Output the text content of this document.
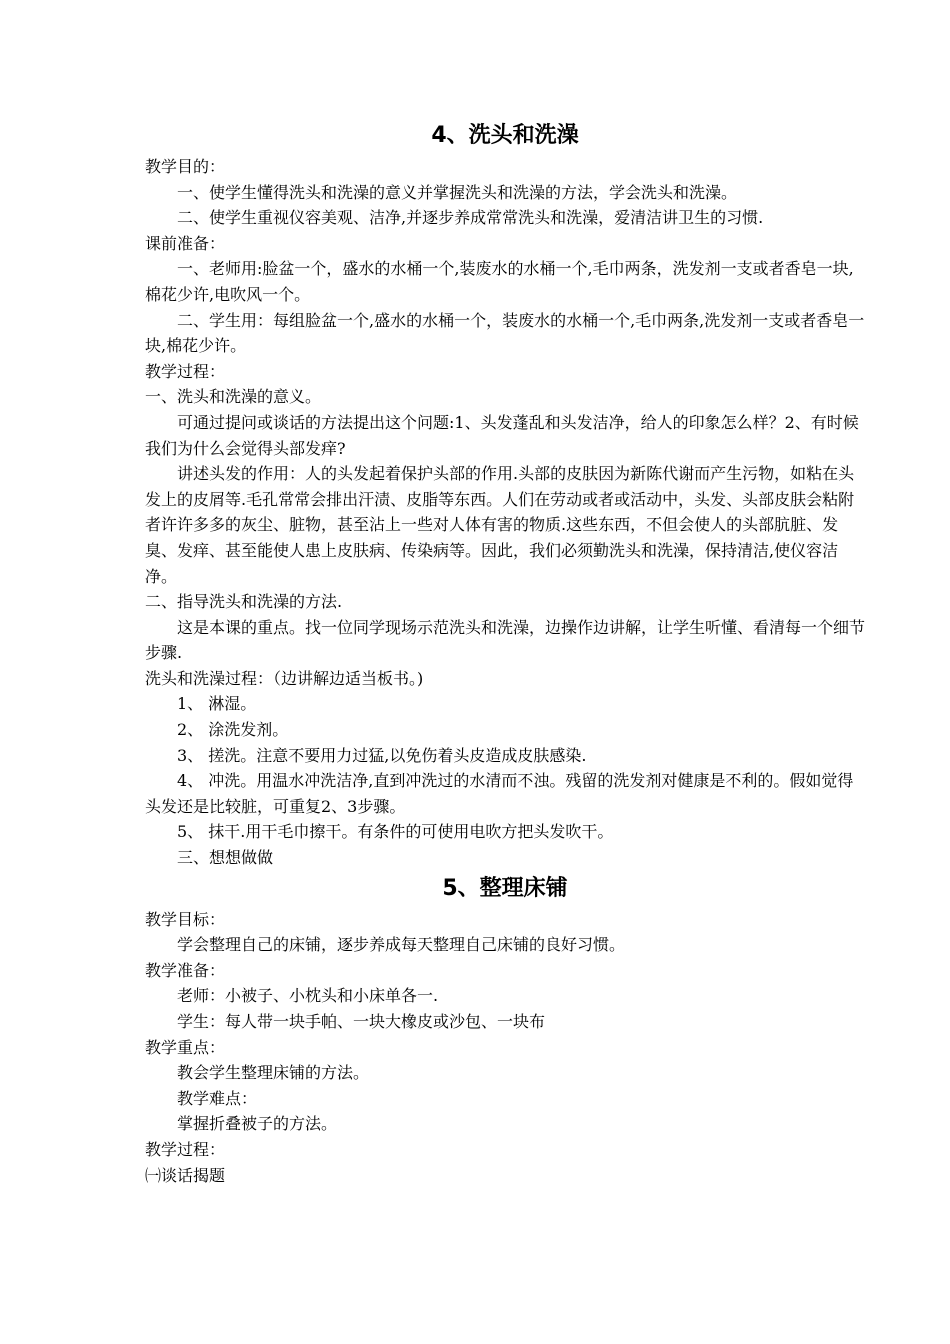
4、洗头和洗澡

教学目的：

一、使学生懂得洗头和洗澡的意义并掌握洗头和洗澡的方法，学会洗头和洗澡。

二、使学生重视仪容美观、洁净,并逐步养成常常洗头和洗澡，爱清洁讲卫生的习惯.

课前准备：

一、老师用:脸盆一个，盛水的水桶一个,装废水的水桶一个,毛巾两条，洗发剂一支或者香皂一块,棉花少许,电吹风一个。

二、学生用：每组脸盆一个,盛水的水桶一个，装废水的水桶一个,毛巾两条,洗发剂一支或者香皂一块,棉花少许。

教学过程：

一、洗头和洗澡的意义。

可通过提问或谈话的方法提出这个问题:1、头发蓬乱和头发洁净，给人的印象怎么样？2、有时候我们为什么会觉得头部发痒?

讲述头发的作用：人的头发起着保护头部的作用.头部的皮肤因为新陈代谢而产生污物，如粘在头发上的皮屑等.毛孔常常会排出汗渍、皮脂等东西。人们在劳动或者或活动中，头发、头部皮肤会粘附者许许多多的灰尘、脏物，甚至沾上一些对人体有害的物质.这些东西，不但会使人的头部肮脏、发臭、发痒、甚至能使人患上皮肤病、传染病等。因此，我们必须勤洗头和洗澡，保持清洁,使仪容洁净。

二、指导洗头和洗澡的方法.

这是本课的重点。找一位同学现场示范洗头和洗澡，边操作边讲解，让学生听懂、看清每一个细节步骤.

洗头和洗澡过程：（边讲解边适当板书。)

1、 淋湿。

2、 涂洗发剂。

3、 搓洗。注意不要用力过猛,以免伤着头皮造成皮肤感染.

4、 冲洗。用温水冲洗洁净,直到冲洗过的水清而不浊。残留的洗发剂对健康是不利的。假如觉得头发还是比较脏，可重复2、3步骤。

5、 抹干.用干毛巾擦干。有条件的可使用电吹方把头发吹干。

三、想想做做

5、整理床铺

教学目标：

学会整理自己的床铺，逐步养成每天整理自己床铺的良好习惯。

教学准备：

老师：小被子、小枕头和小床单各一.

学生：每人带一块手帕、一块大橡皮或沙包、一块布

教学重点：

教会学生整理床铺的方法。

教学难点：

掌握折叠被子的方法。

教学过程：

㈠谈话揭题
